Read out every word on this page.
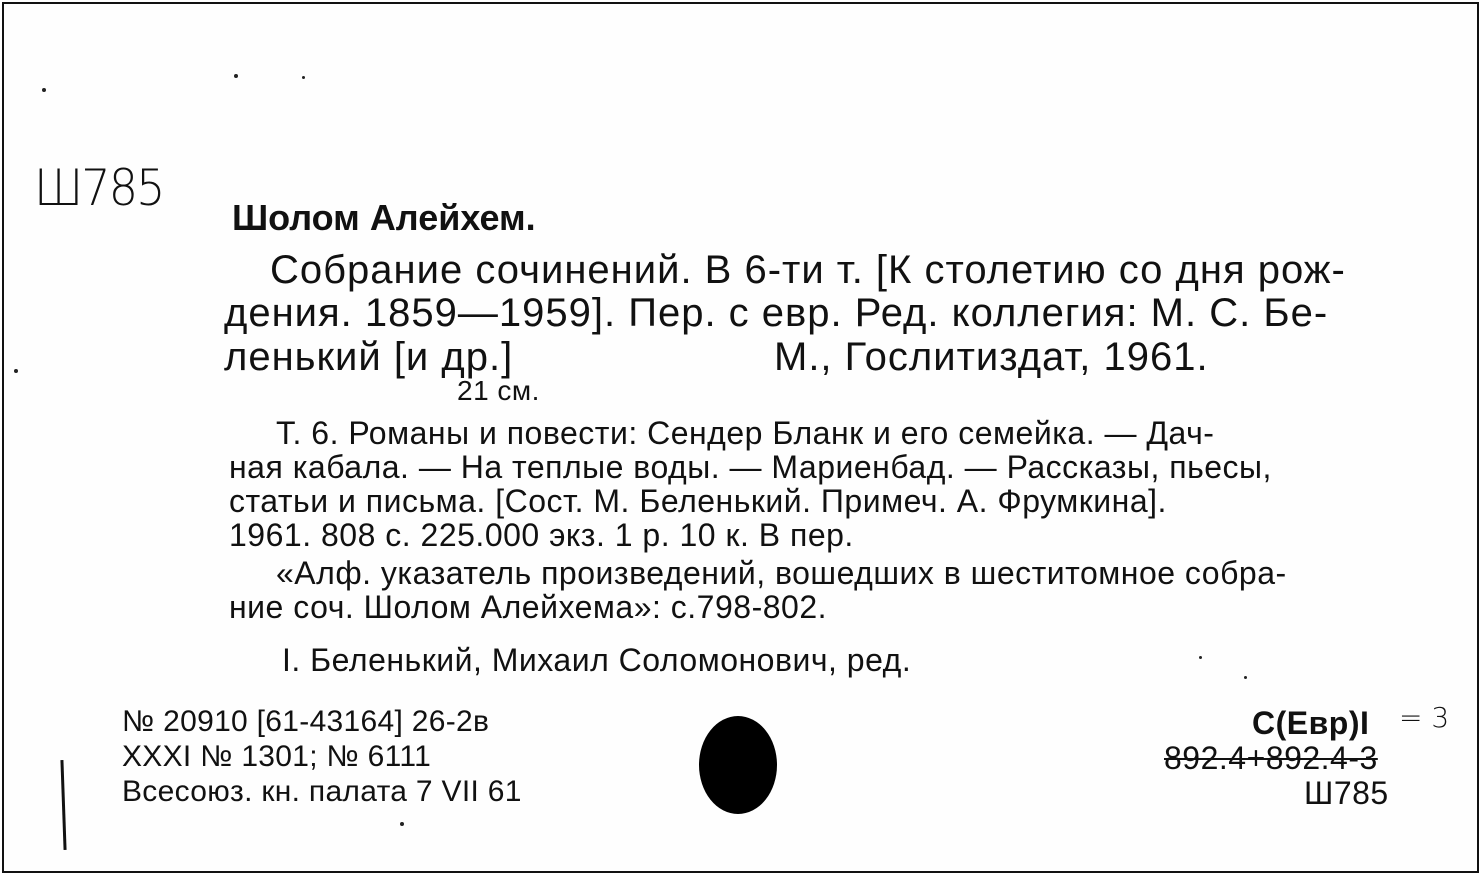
Ш785
Шолом Алейхем.
Собрание сочинений. В 6-ти т. [К столетию со дня рож-
дения. 1859—1959]. Пер. с евр. Ред. коллегия: М. С. Бе-
ленький [и др.]	М., Гослитиздат, 1961.
21 см.
Т. 6. Романы и повести: Сендер Бланк и его семейка. — Дач-
ная кабала. — На теплые воды. — Мариенбад. — Рассказы, пьесы,
статьи и письма. [Сост. М. Беленький. Примеч. А. Фрумкина].
1961. 808 с. 225.000 экз. 1 р. 10 к. В пер.
«Алф. указатель произведений, вошедших в шеститомное собра-
ние соч. Шолом Алейхема»: с.798-802.
I. Беленький, Михаил Соломонович, ред.
№ 20910 [61-43164] 26-2в
XXXI № 1301; № 6111
Всесоюз. кн. палата 7 VII 61
С(Евр)I = 3
892.4+892.4-3
Ш785
